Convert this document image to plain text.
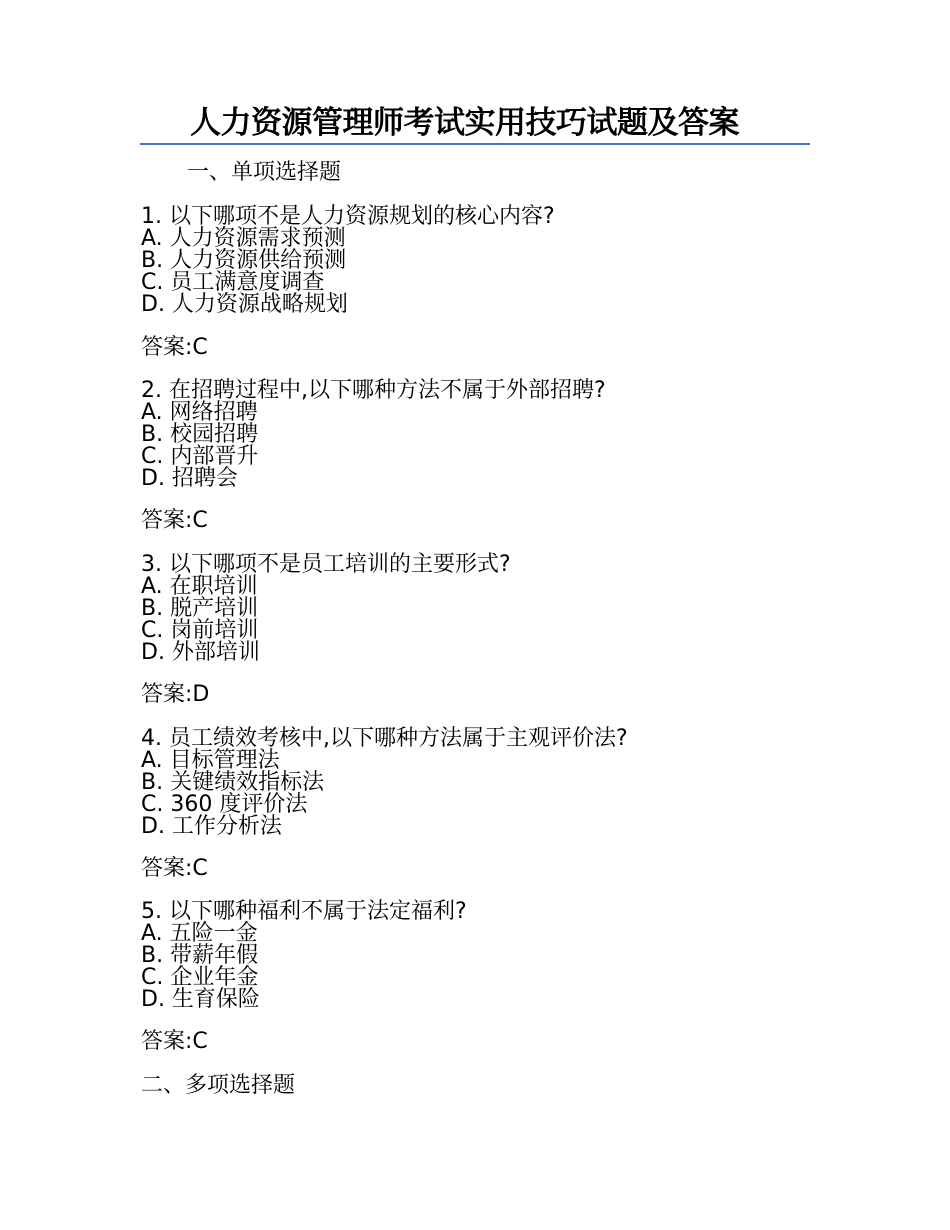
人力资源管理师考试实用技巧试题及答案
一、单项选择题
1. 以下哪项不是人力资源规划的核心内容?
A. 人力资源需求预测
B. 人力资源供给预测
C. 员工满意度调查
D. 人力资源战略规划
答案:C
2. 在招聘过程中,以下哪种方法不属于外部招聘?
A. 网络招聘
B. 校园招聘
C. 内部晋升
D. 招聘会
答案:C
3. 以下哪项不是员工培训的主要形式?
A. 在职培训
B. 脱产培训
C. 岗前培训
D. 外部培训
答案:D
4. 员工绩效考核中,以下哪种方法属于主观评价法?
A. 目标管理法
B. 关键绩效指标法
C. 360 度评价法
D. 工作分析法
答案:C
5. 以下哪种福利不属于法定福利?
A. 五险一金
B. 带薪年假
C. 企业年金
D. 生育保险
答案:C
二、多项选择题
